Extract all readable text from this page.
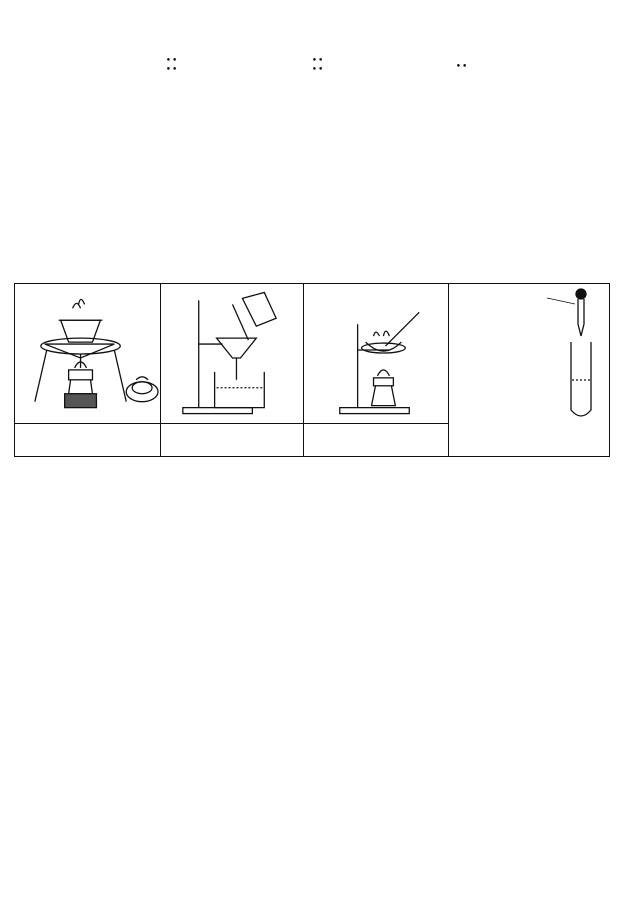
••
••
••
••	••
